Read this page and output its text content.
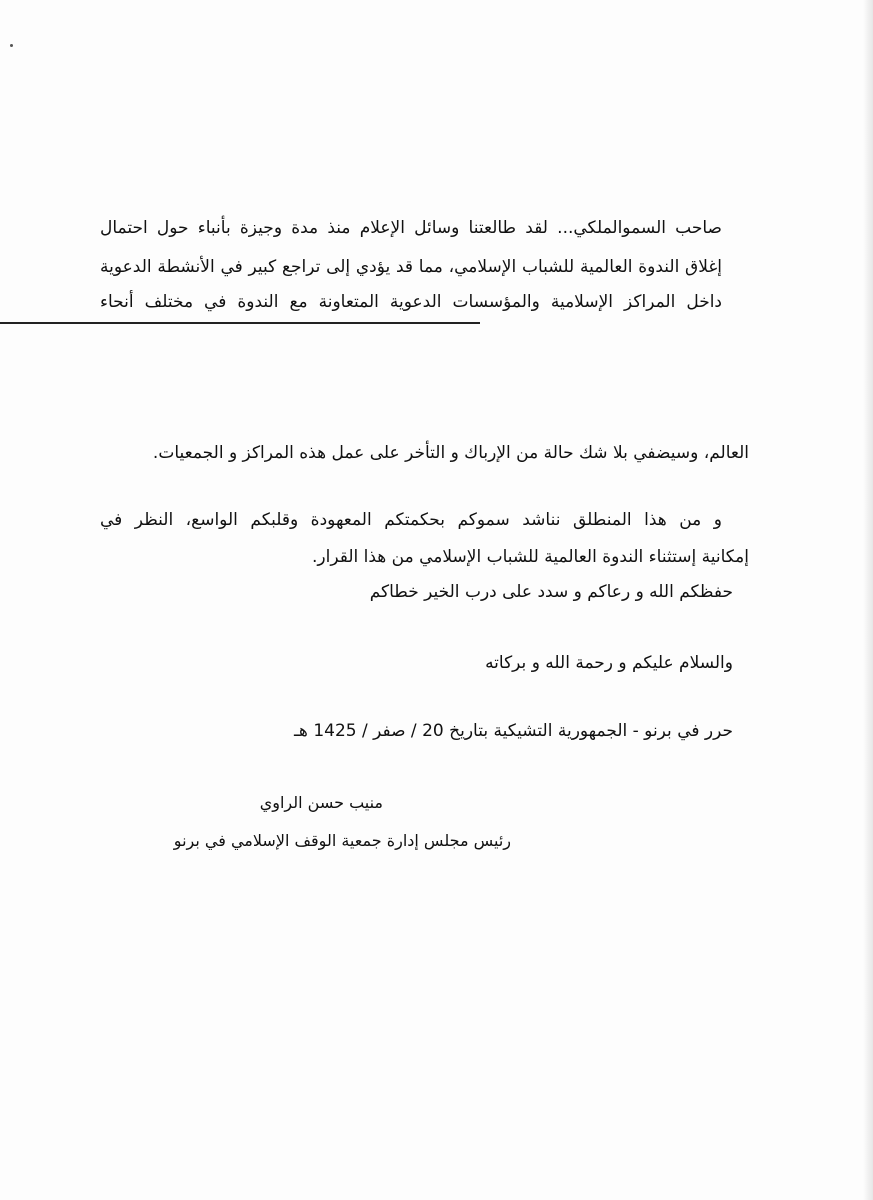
صاحب السموالملكي... لقد طالعتنا وسائل الإعلام منذ مدة وجيزة بأنباء حول احتمال
إغلاق الندوة العالمية للشباب الإسلامي، مما قد يؤدي إلى تراجع كبير في الأنشطة الدعوية
داخل المراكز الإسلامية والمؤسسات الدعوية المتعاونة مع الندوة في مختلف أنحاء
العالم، وسيضفي بلا شك حالة من الإرباك و التأخر على عمل هذه المراكز و الجمعيات.
و من هذا المنطلق نناشد سموكم بحكمتكم المعهودة وقلبكم الواسع، النظر في
إمكانية إستثناء الندوة العالمية للشباب الإسلامي من هذا القرار.
حفظكم الله و رعاكم و سدد على درب الخير خطاكم
والسلام عليكم و رحمة الله و بركاته
حرر في برنو - الجمهورية التشيكية بتاريخ 20 / صفر / 1425 هـ
منيب حسن الراوي
رئيس مجلس إدارة جمعية الوقف الإسلامي في برنو
